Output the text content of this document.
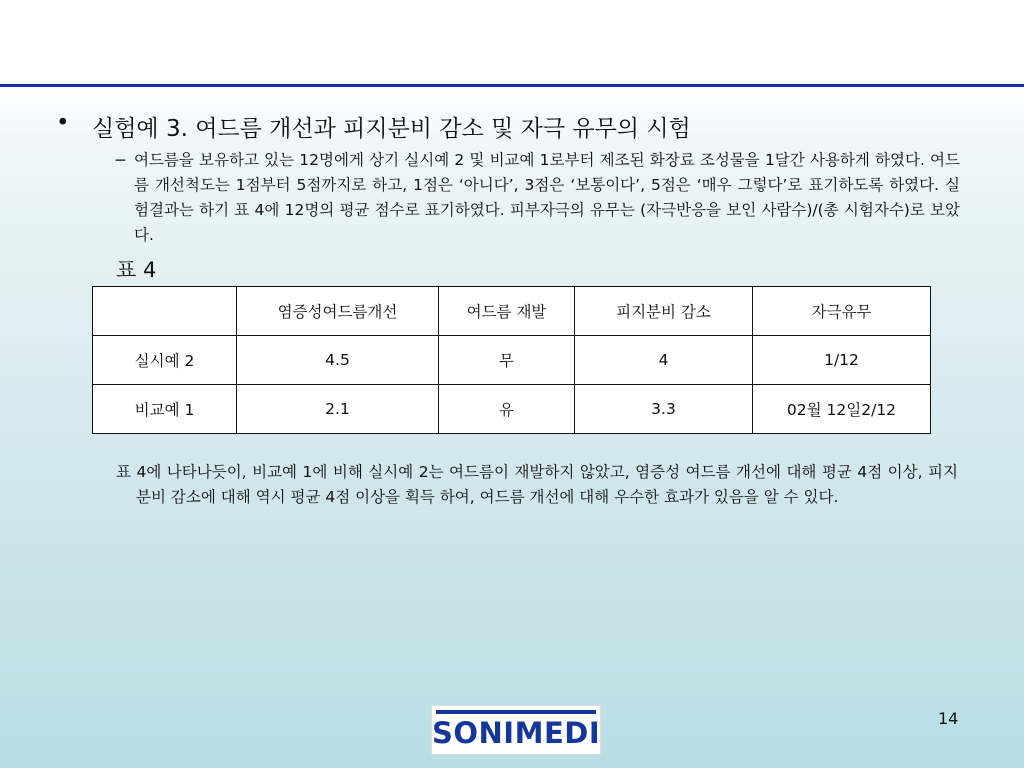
• 실험예 3. 여드름 개선과 피지분비 감소 및 자극 유무의 시험
− 여드름을 보유하고 있는 12명에게 상기 실시예 2 및 비교예 1로부터 제조된 화장료 조성물을 1달간 사용하게 하였다. 여드름 개선척도는 1점부터 5점까지로 하고, 1점은 ‘아니다’, 3점은 ‘보통이다’, 5점은 ‘매우 그렇다’로 표기하도록 하였다. 실험결과는 하기 표 4에 12명의 평균 점수로 표기하였다. 피부자극의 유무는 (자극반응을 보인 사람수)/(총 시험자수)로 보았다.
표 4
	염증성여드름개선	여드름 재발	피지분비 감소	자극유무
실시예 2	4.5	무	4	1/12
비교예 1	2.1	유	3.3	02월 12일2/12
표 4에 나타나듯이, 비교예 1에 비해 실시예 2는 여드름이 재발하지 않았고, 염증성 여드름 개선에 대해 평균 4점 이상, 피지분비 감소에 대해 역시 평균 4점 이상을 획득 하여, 여드름 개선에 대해 우수한 효과가 있음을 알 수 있다.
SONIMEDI	14
